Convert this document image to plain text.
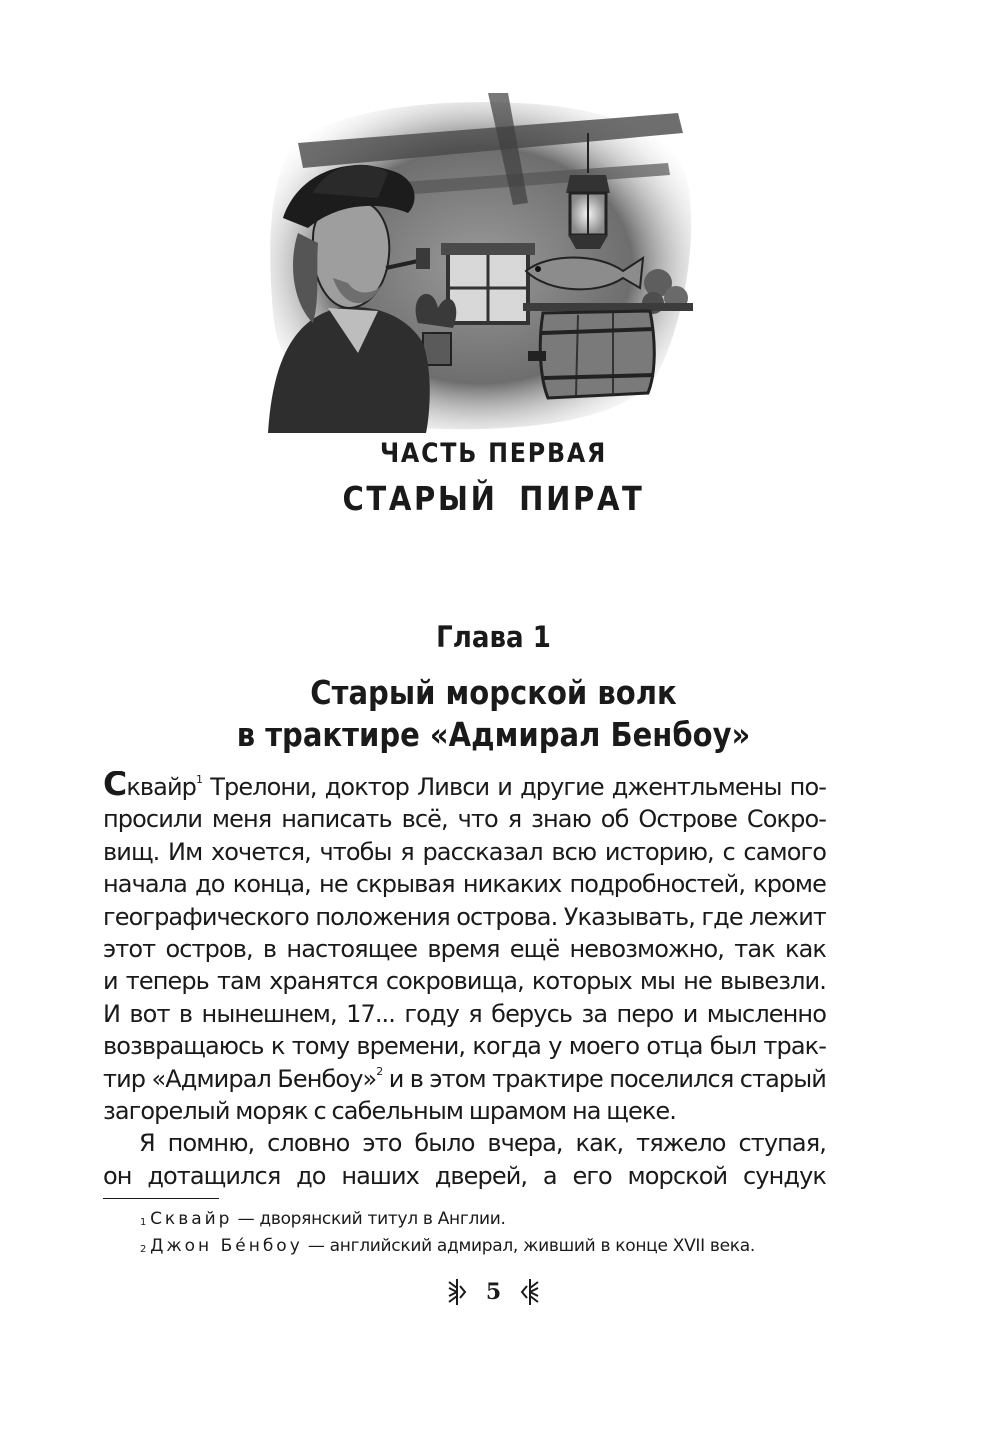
ЧАСТЬ ПЕРВАЯ
СТАРЫЙ ПИРАТ
Глава 1
Старый морской волк
в трактире «Адмирал Бенбоу»
Сквайр$^1$ Трелони, доктор Ливси и другие джентльмены по-
просили меня написать всё, что я знаю об Острове Сокро-
вищ. Им хочется, чтобы я рассказал всю историю, с самого
начала до конца, не скрывая никаких подробностей, кроме
географического положения острова. Указывать, где лежит
этот остров, в настоящее время ещё невозможно, так как
и теперь там хранятся сокровища, которых мы не вывезли.
И вот в нынешнем, 17... году я берусь за перо и мысленно
возвращаюсь к тому времени, когда у моего отца был трак-
тир «Адмирал Бенбоу»$^2$ и в этом трактире поселился старый
загорелый моряк с сабельным шрамом на щеке.
Я помню, словно это было вчера, как, тяжело ступая,
он дотащился до наших дверей, а его морской сундук
$^1$ Сквайр — дворянский титул в Англии.
$^2$ Джон Бе́нбоу — английский адмирал, живший в конце XVII века.
5
